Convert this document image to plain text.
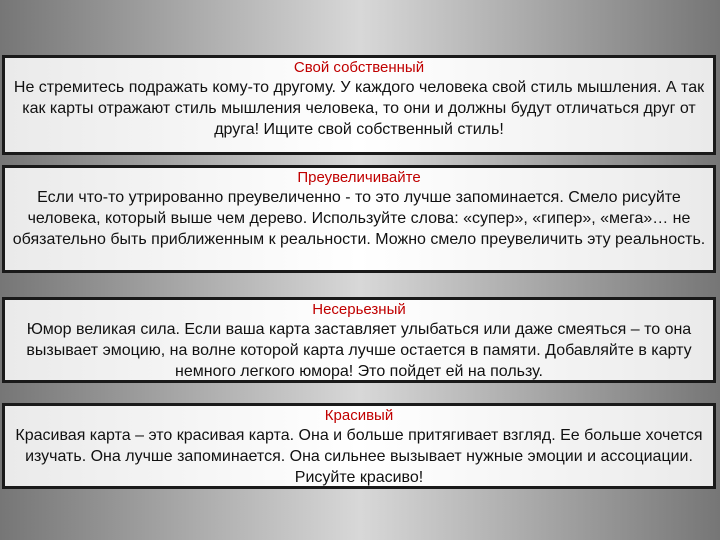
Свой собственный
Не стремитесь подражать кому-то другому. У каждого человека свой стиль мышления. А так как карты отражают стиль мышления человека, то они и должны будут отличаться друг от друга! Ищите свой собственный стиль!
Преувеличивайте
Если что-то утрированно преувеличенно - то это лучше запоминается. Смело рисуйте человека, который выше чем дерево. Используйте слова: «супер», «гипер», «мега»… не обязательно быть приближенным к реальности. Можно смело преувеличить эту реальность.
Несерьезный
Юмор великая сила. Если ваша карта заставляет улыбаться или даже смеяться – то она вызывает эмоцию, на волне которой карта лучше остается в памяти. Добавляйте в карту немного легкого юмора! Это пойдет ей на пользу.
Красивый
Красивая карта – это красивая карта. Она и больше притягивает взгляд. Ее больше хочется изучать. Она лучше запоминается. Она сильнее вызывает нужные эмоции и ассоциации. Рисуйте красиво!
